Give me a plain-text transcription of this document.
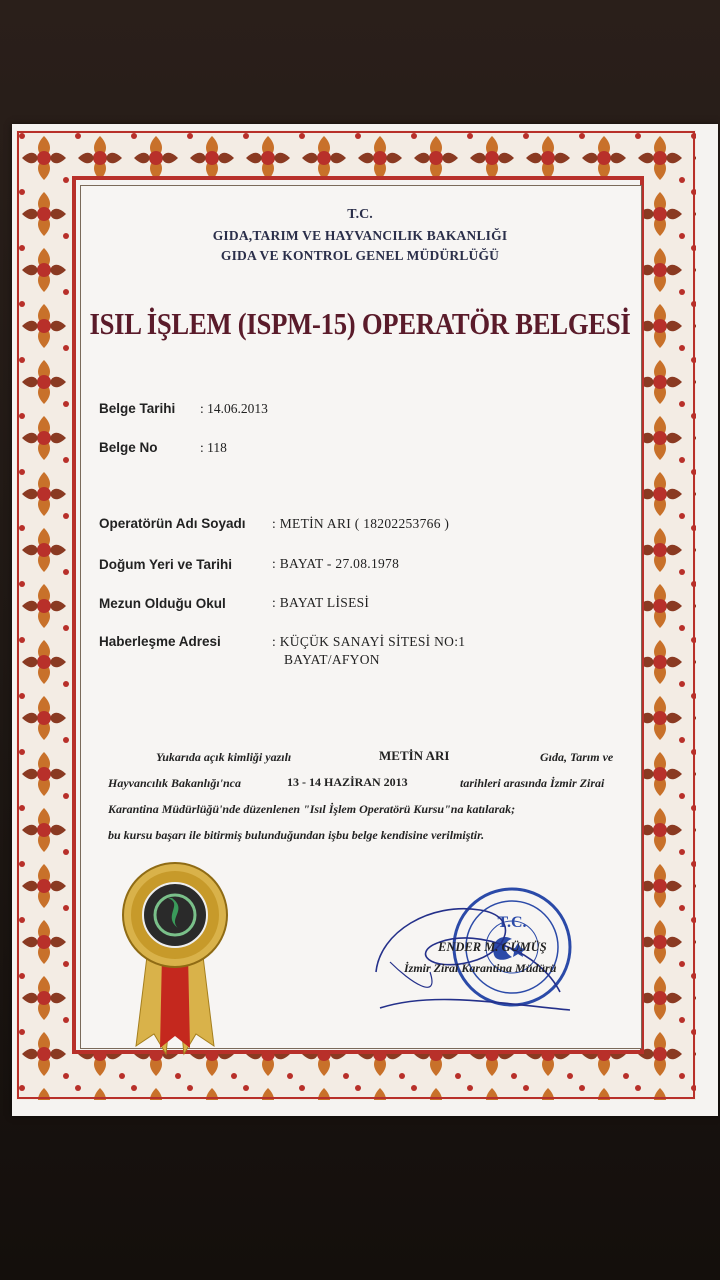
T.C.
GIDA,TARIM VE HAYVANCILIK BAKANLIĞI
GIDA VE KONTROL GENEL MÜDÜRLÜĞÜ
ISIL İŞLEM (ISPM-15) OPERATÖR BELGESİ
Belge Tarihi : 14.06.2013
Belge No	: 118
Operatörün Adı Soyadı : METİN ARI ( 18202253766 )
Doğum Yeri ve Tarihi	: BAYAT - 27.08.1978
Mezun Olduğu Okul	: BAYAT LİSESİ
Haberleşme Adresi	: KÜÇÜK SANAYİ SİTESİ NO:1
BAYAT/AFYON
Yukarıda açık kimliği yazılı	METİN ARI	Gıda, Tarım ve
Hayvancılık Bakanlığı'nca	13 - 14 HAZİRAN 2013	tarihleri arasında İzmir Zirai
Karantina Müdürlüğü'nde düzenlenen "Isıl İşlem Operatörü Kursu"na katılarak;
bu kursu başarı ile bitirmiş bulunduğundan işbu belge kendisine verilmiştir.
T.C.
ENDER M. GÜMÜŞ
İzmir Zirai Karantina Müdürü
